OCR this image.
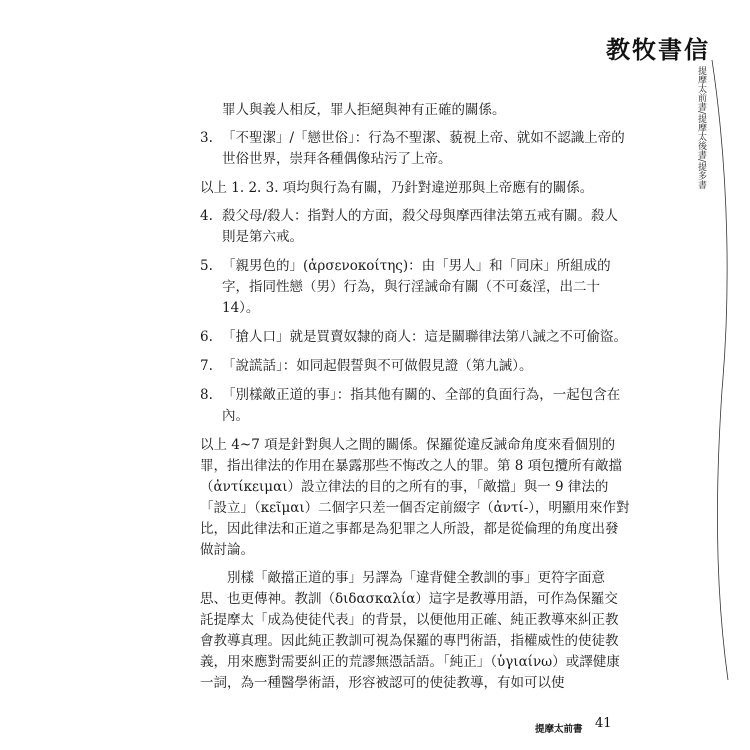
教牧書信
提摩太前書/提摩太後書/提多書

罪人與義人相反，罪人拒絕與神有正確的關係。

3. 「不聖潔」/「戀世俗」：行為不聖潔、藐視上帝、就如不認識上帝的世俗世界，崇拜各種偶像玷污了上帝。

以上 1. 2. 3. 項均與行為有關，乃針對違逆那與上帝應有的關係。

4. 殺父母/殺人：指對人的方面，殺父母與摩西律法第五戒有關。殺人則是第六戒。
5. 「親男色的」(ἀρσενοκοίτης)：由「男人」和「同床」所組成的字，指同性戀（男）行為，與行淫誡命有關（不可姦淫，出二十 14）。
6. 「搶人口」就是買賣奴隸的商人：這是關聯律法第八誡之不可偷盜。
7. 「說謊話」：如同起假誓與不可做假見證（第九誡）。
8. 「別樣敵正道的事」：指其他有關的、全部的負面行為，一起包含在內。

以上 4~7 項是針對與人之間的關係。保羅從違反誡命角度來看個別的罪，指出律法的作用在暴露那些不悔改之人的罪。第 8 項包攬所有敵擋（ἀντίκειμαι）設立律法的目的之所有的事，「敵擋」與一 9 律法的「設立」（κεῖμαι）二個字只差一個否定前綴字（ἀντί-），明顯用來作對比，因此律法和正道之事都是為犯罪之人所設，都是從倫理的角度出發做討論。

別樣「敵擋正道的事」另譯為「違背健全教訓的事」更符字面意思、也更傳神。教訓（διδασκαλία）這字是教導用語，可作為保羅交託提摩太「成為使徒代表」的背景，以便他用正確、純正教導來糾正教會教導真理。因此純正教訓可視為保羅的專門術語，指權威性的使徒教義，用來應對需要糾正的荒謬無憑話語。「純正」（ὑγιαίνω）或譯健康一詞，為一種醫學術語，形容被認可的使徒教導，有如可以使

提摩太前書 41
